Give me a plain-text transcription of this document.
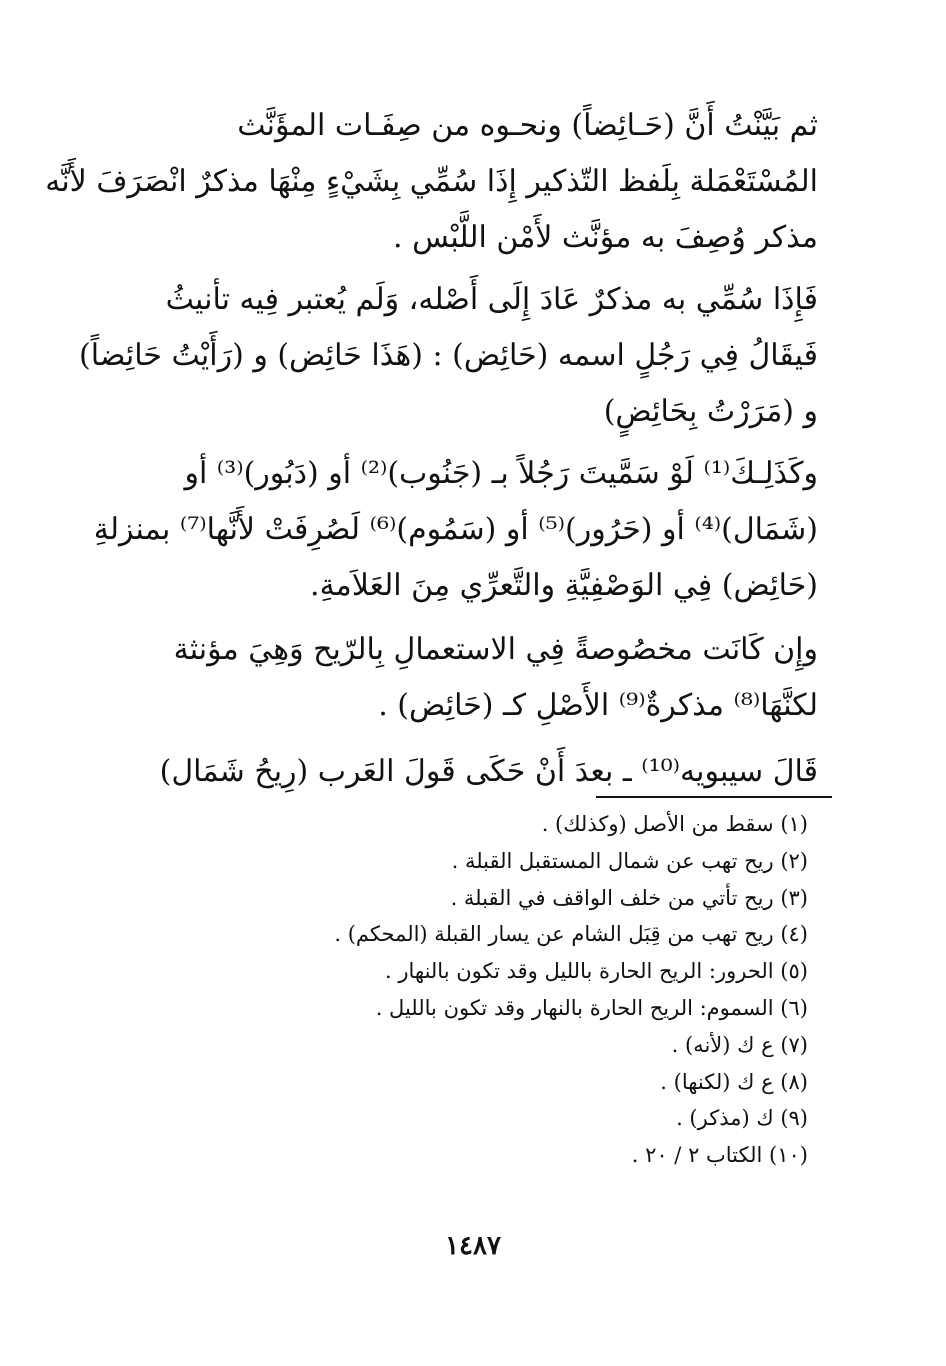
ثم بَيَّنْتُ أَنَّ (حَـائِضاً) ونحـوه من صِفَـات المؤَنَّث
المُسْتَعْمَلة بِلَفظ التّذكير إِذَا سُمِّي بِشَيْءٍ مِنْهَا مذكرٌ انْصَرَفَ لأَنَّه
مذكر وُصِفَ به مؤنَّث لأَمْن اللَّبْس .
فَإِذَا سُمِّي به مذكرٌ عَادَ إِلَى أَصْله، وَلَم يُعتبر فِيه تأنيثُ
فَيقَالُ فِي رَجُلٍ اسمه (حَائِض) : (هَذَا حَائِض) و (رَأَيْتُ حَائِضاً)
و (مَرَرْتُ بِحَائِضٍ)
وكَذَلِـكَ⁽¹⁾ لَوْ سَمَّيتَ رَجُلاً بـ (جَنُوب)⁽²⁾ أو (دَبُور)⁽³⁾ أو
(شَمَال)⁽⁴⁾ أو (حَرُور)⁽⁵⁾ أو (سَمُوم)⁽⁶⁾ لَصُرِفَتْ لأَنَّها⁽⁷⁾ بمنزلةِ
(حَائِض) فِي الوَصْفِيَّةِ والتَّعرِّي مِنَ العَلاَمةِ.
وإِن كَانَت مخصُوصةً فِي الاستعمالِ بِالرّيح وَهِيَ مؤنثة
لكنَّهَا⁽⁸⁾ مذكرةٌ⁽⁹⁾ الأَصْلِ كـ (حَائِض) .
قَالَ سيبويه⁽¹⁰⁾ ـ بعدَ أَنْ حَكَى قَولَ العَرب (رِيحُ شَمَال)
(١) سقط من الأصل (وكذلك) .
(٢) ريح تهب عن شمال المستقبل القبلة .
(٣) ريح تأتي من خلف الواقف في القبلة .
(٤) ريح تهب من قِبَل الشام عن يسار القبلة (المحكم) .
(٥) الحرور: الريح الحارة بالليل وقد تكون بالنهار .
(٦) السموم: الريح الحارة بالنهار وقد تكون بالليل .
(٧) ع ك (لأنه) .
(٨) ع ك (لكنها) .
(٩) ك (مذكر) .
(١٠) الكتاب ٢ / ٢٠ .
١٤٨٧
